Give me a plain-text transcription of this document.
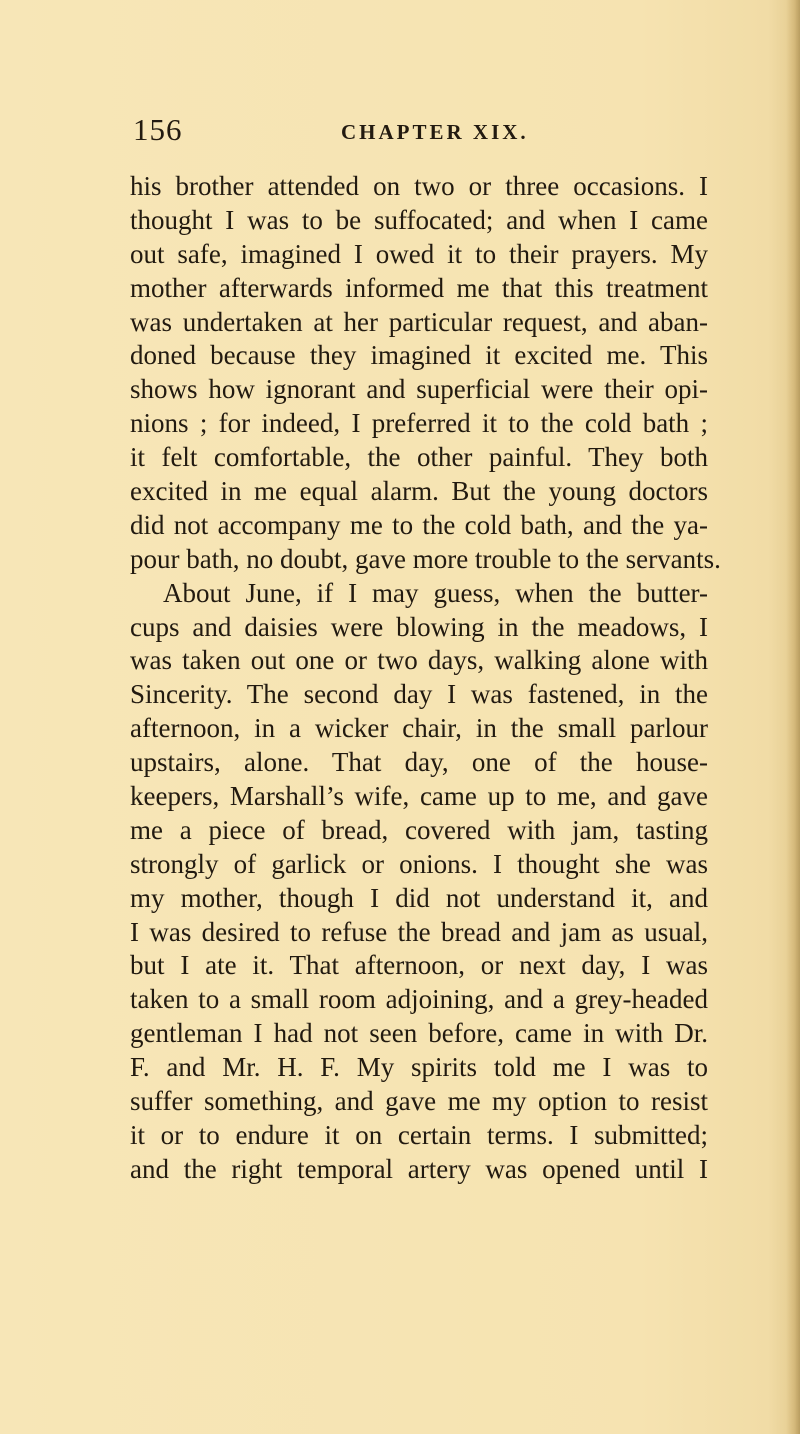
156	CHAPTER XIX.
his brother attended on two or three occasions. I
thought I was to be suffocated; and when I came
out safe, imagined I owed it to their prayers. My
mother afterwards informed me that this treatment
was undertaken at her particular request, and aban-
doned because they imagined it excited me. This
shows how ignorant and superficial were their opi-
nions ; for indeed, I preferred it to the cold bath ;
it felt comfortable, the other painful. They both
excited in me equal alarm. But the young doctors
did not accompany me to the cold bath, and the ya-
pour bath, no doubt, gave more trouble to the servants.
About June, if I may guess, when the butter-
cups and daisies were blowing in the meadows, I
was taken out one or two days, walking alone with
Sincerity. The second day I was fastened, in the
afternoon, in a wicker chair, in the small parlour
upstairs, alone. That day, one of the house-
keepers, Marshall’s wife, came up to me, and gave
me a piece of bread, covered with jam, tasting
strongly of garlick or onions. I thought she was
my mother, though I did not understand it, and
I was desired to refuse the bread and jam as usual,
but I ate it. That afternoon, or next day, I was
taken to a small room adjoining, and a grey-headed
gentleman I had not seen before, came in with Dr.
F. and Mr. H. F. My spirits told me I was to
suffer something, and gave me my option to resist
it or to endure it on certain terms. I submitted;
and the right temporal artery was opened until I
